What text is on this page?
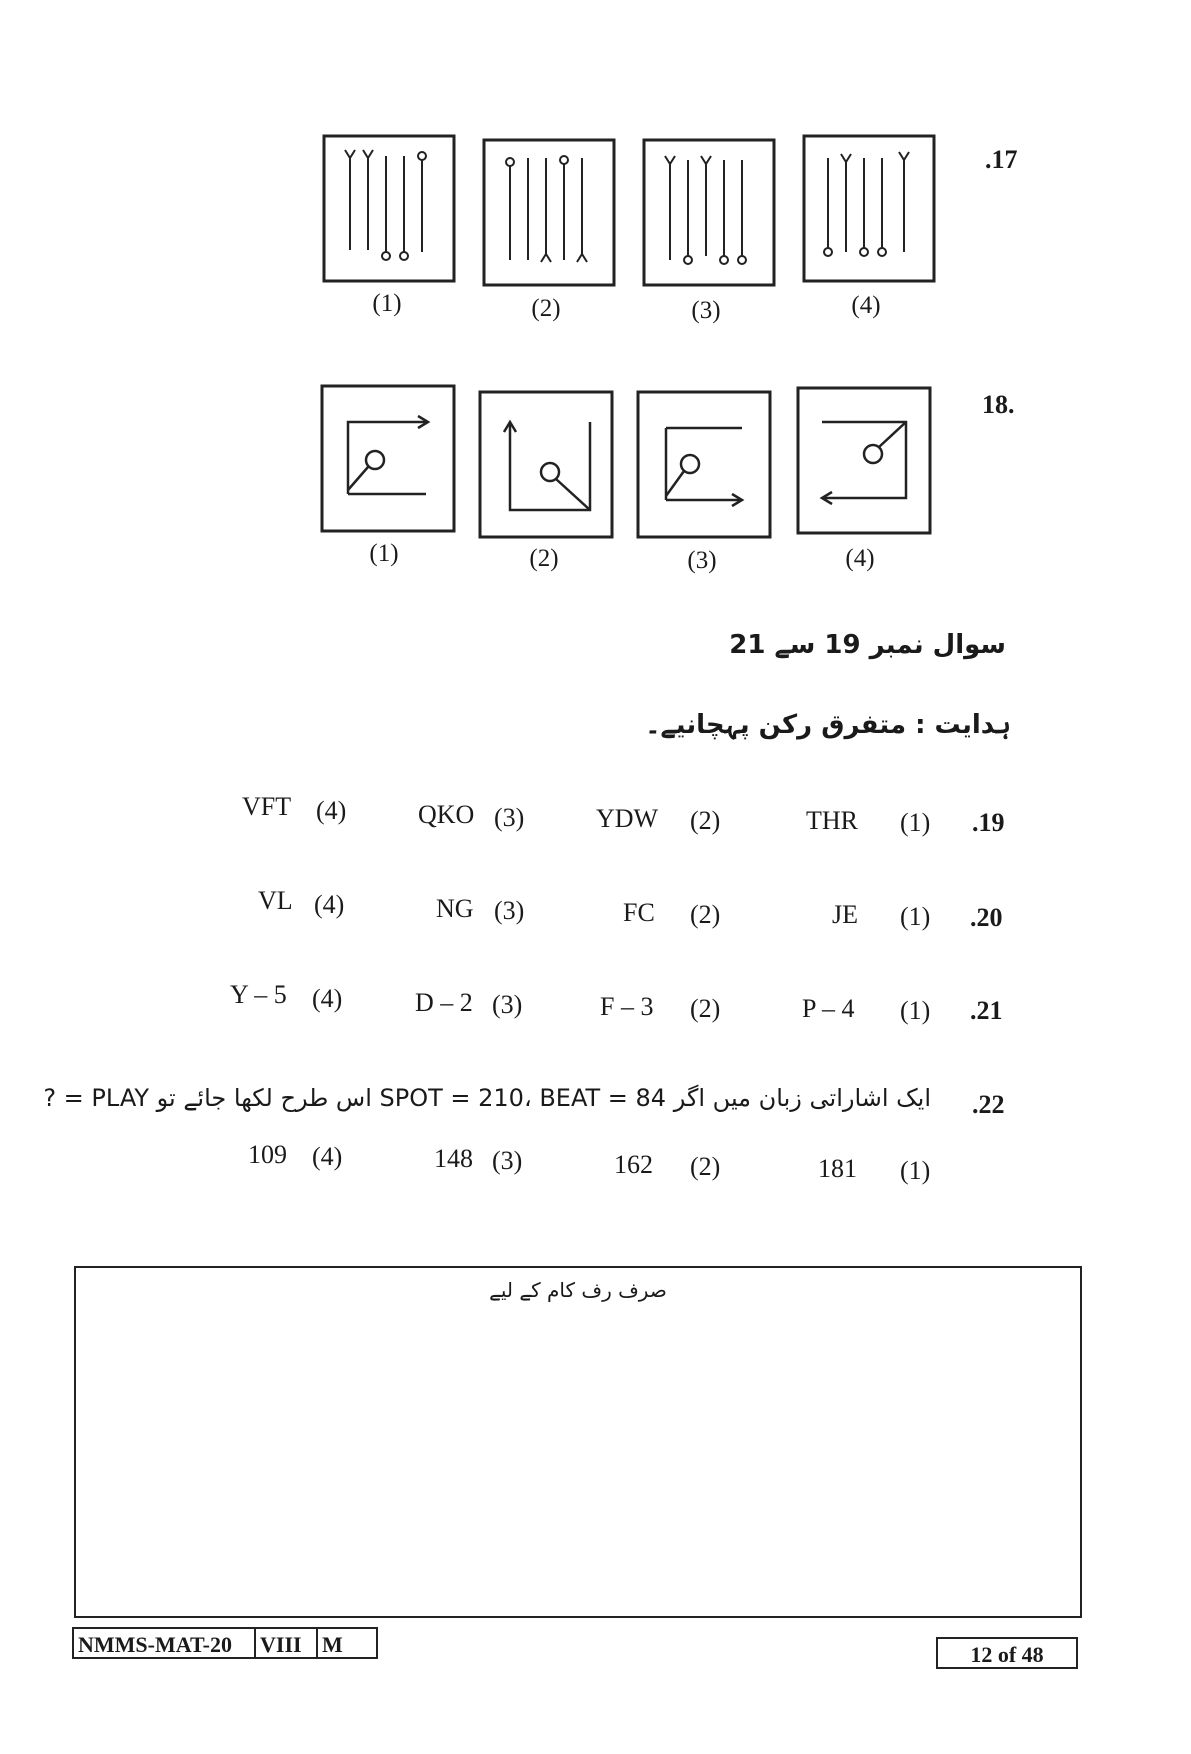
.17
(1)	(2)	(3)	(4)
18.
(1)	(2)	(3)	(4)
سوال نمبر 19 سے 21
ہدایت : متفرق رکن پہچانیے۔
.19
(1)
THR
(2)
YDW
(3)
QKO
(4)
VFT
.20
(1)
JE
(2)
FC
(3)
NG
(4)
VL
.21
(1)
P – 4
(2)
F – 3
(3)
D – 2
(4)
Y – 5
.22
ایک اشاراتی زبان میں اگر SPOT = 210، BEAT = 84 اس طرح لکھا جائے تو PLAY = ?
(1)
181
(2)
162
(3)
148
(4)
109
صرف رف کام کے لیے
NMMS-MAT-20	VIII M	12 of 48
